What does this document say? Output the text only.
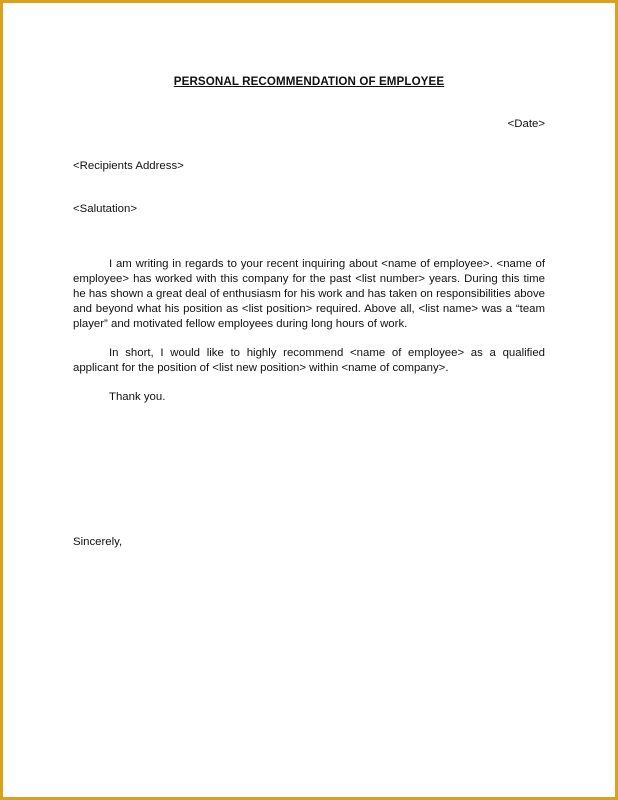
PERSONAL RECOMMENDATION OF EMPLOYEE
<Date>
<Recipients Address>
<Salutation>

I am writing in regards to your recent inquiring about <name of employee>. <name of employee> has worked with this company for the past <list number> years. During this time he has shown a great deal of enthusiasm for his work and has taken on responsibilities above and beyond what his position as <list position> required. Above all, <list name> was a “team player” and motivated fellow employees during long hours of work.

In short, I would like to highly recommend <name of employee> as a qualified applicant for the position of <list new position> within <name of company>.

Thank you.

Sincerely,
